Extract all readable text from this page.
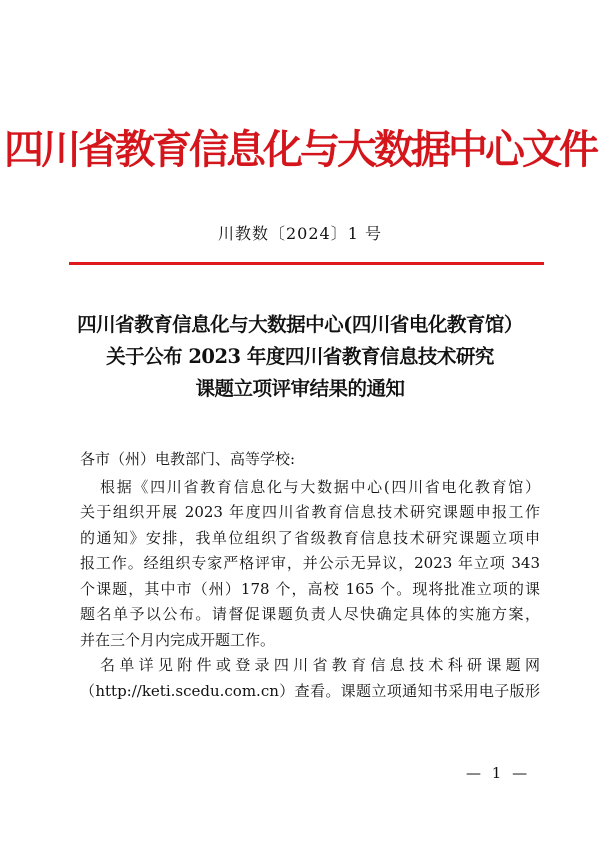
四川省教育信息化与大数据中心文件
川教数〔2024〕1 号
四川省教育信息化与大数据中心(四川省电化教育馆）
关于公布 2023 年度四川省教育信息技术研究
课题立项评审结果的通知
各市（州）电教部门、高等学校:
根据《四川省教育信息化与大数据中心(四川省电化教育馆）
关于组织开展 2023 年度四川省教育信息技术研究课题申报工作
的通知》安排，我单位组织了省级教育信息技术研究课题立项申
报工作。经组织专家严格评审，并公示无异议，2023 年立项 343
个课题，其中市（州）178 个，高校 165 个。现将批准立项的课
题名单予以公布。请督促课题负责人尽快确定具体的实施方案，
并在三个月内完成开题工作。
名单详见附件或登录四川省教育信息技术科研课题网
（http://keti.scedu.com.cn）查看。课题立项通知书采用电子版形
— 1 —
